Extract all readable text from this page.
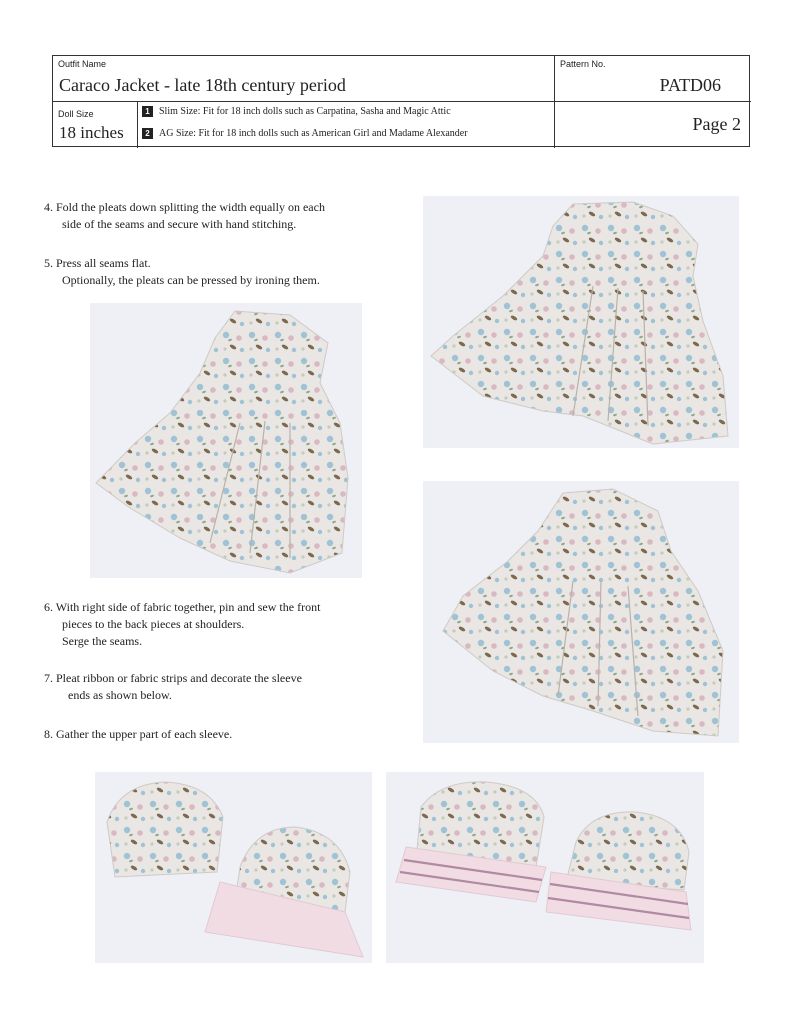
Outfit Name
Caraco Jacket - late 18th century period
Pattern No.
PATD06
Doll Size
18 inches
1 Slim Size: Fit for 18 inch dolls such as Carpatina, Sasha and Magic Attic
2 AG Size: Fit for 18 inch dolls such as American Girl and Madame Alexander	Page 2
4. Fold the pleats down splitting the width equally on each
side of the seams and secure with hand stitching.
5. Press all seams flat.
Optionally, the pleats can be pressed by ironing them.
6. With right side of fabric together, pin and sew the front
pieces to the back pieces at shoulders.
Serge the seams.
7. Pleat ribbon or fabric strips and decorate the sleeve
ends as shown below.
8. Gather the upper part of each sleeve.
